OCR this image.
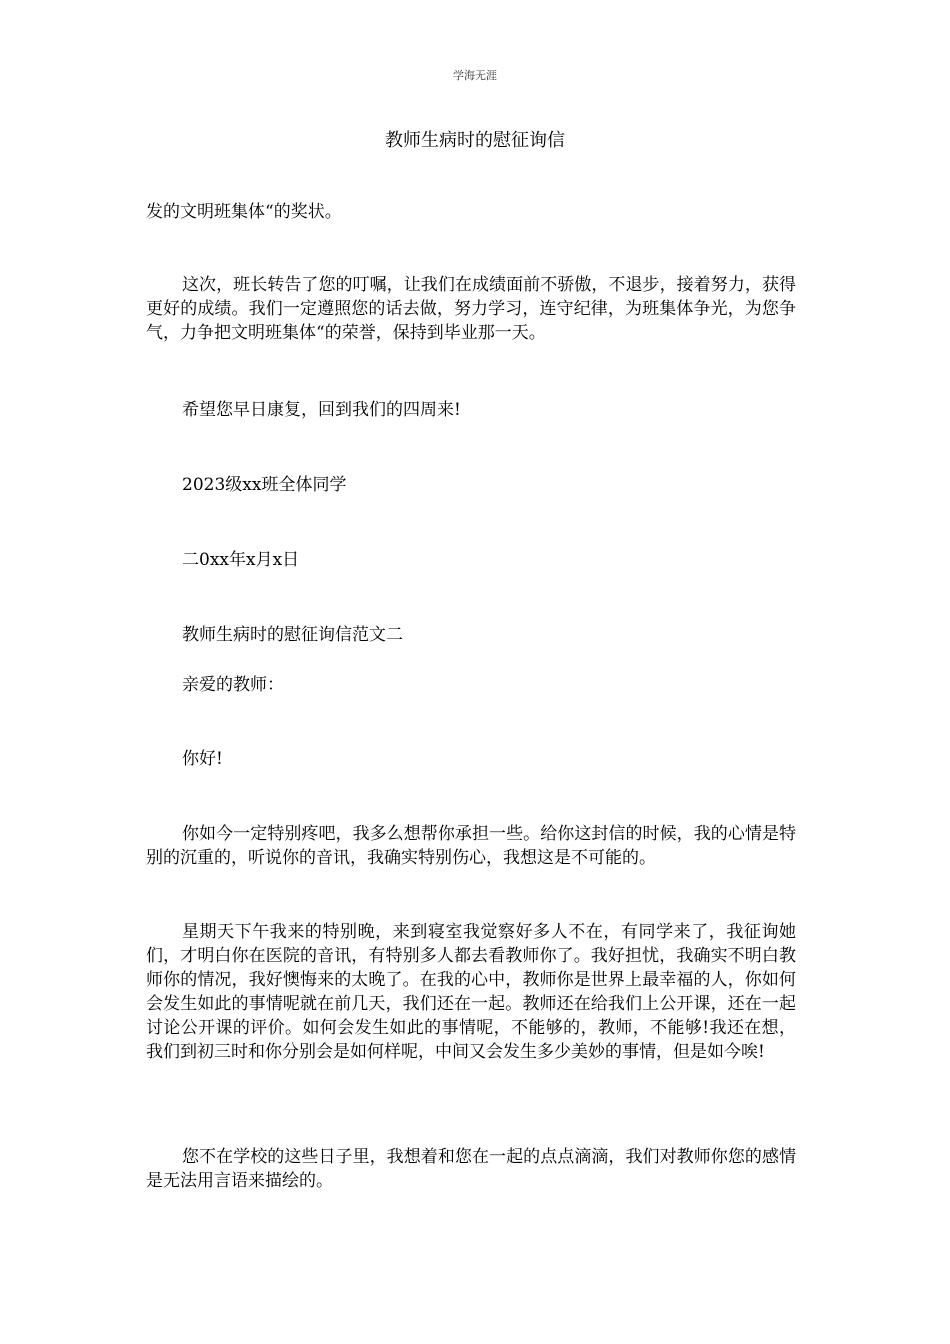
学海无涯
教师生病时的慰征询信

发的文明班集体“的奖状。

这次，班长转告了您的叮嘱，让我们在成绩面前不骄傲，不退步，接着努力，获得更好的成绩。我们一定遵照您的话去做，努力学习，连守纪律，为班集体争光，为您争气，力争把文明班集体“的荣誉，保持到毕业那一天。

希望您早日康复，回到我们的四周来!

2023级xx班全体同学

二0xx年x月x日

教师生病时的慰征询信范文二

亲爱的教师：

你好!

你如今一定特别疼吧，我多么想帮你承担一些。给你这封信的时候，我的心情是特别的沉重的，听说你的音讯，我确实特别伤心，我想这是不可能的。

星期天下午我来的特别晚，来到寝室我觉察好多人不在，有同学来了，我征询她们，才明白你在医院的音讯，有特别多人都去看教师你了。我好担忧，我确实不明白教师你的情况，我好懊悔来的太晚了。在我的心中，教师你是世界上最幸福的人，你如何会发生如此的事情呢就在前几天，我们还在一起。教师还在给我们上公开课，还在一起讨论公开课的评价。如何会发生如此的事情呢，不能够的，教师，不能够!我还在想，我们到初三时和你分别会是如何样呢，中间又会发生多少美妙的事情，但是如今唉!

您不在学校的这些日子里，我想着和您在一起的点点滴滴，我们对教师你您的感情是无法用言语来描绘的。
